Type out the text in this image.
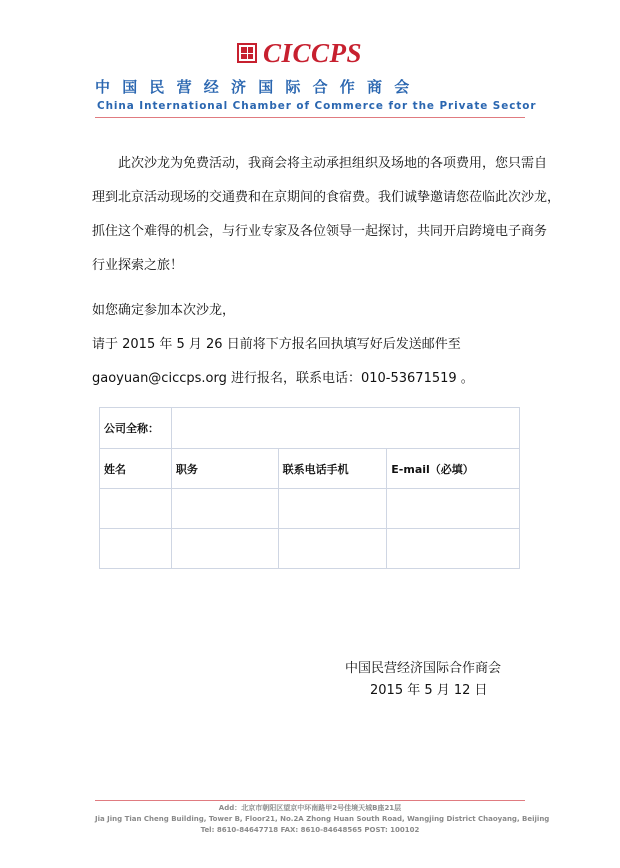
CICCPS
中国民营经济国际合作商会
China International Chamber of Commerce for the Private Sector
此次沙龙为免费活动，我商会将主动承担组织及场地的各项费用，您只需自
理到北京活动现场的交通费和在京期间的食宿费。我们诚挚邀请您莅临此次沙龙，
抓住这个难得的机会，与行业专家及各位领导一起探讨，共同开启跨境电子商务
行业探索之旅！
如您确定参加本次沙龙，
请于 2015 年 5 月 26 日前将下方报名回执填写好后发送邮件至
gaoyuan@ciccps.org 进行报名，联系电话：010-53671519 。
公司全称：			
姓名	职务	联系电话手机	E-mail（必填）

中国民营经济国际合作商会
2015 年 5 月 12 日
Add：北京市朝阳区望京中环南路甲2号佳境天城B座21层
Jia Jing Tian Cheng Building, Tower B, Floor21, No.2A Zhong Huan South Road, Wangjing District Chaoyang, Beijing
Tel: 8610-84647718 FAX: 8610-84648565 POST: 100102
